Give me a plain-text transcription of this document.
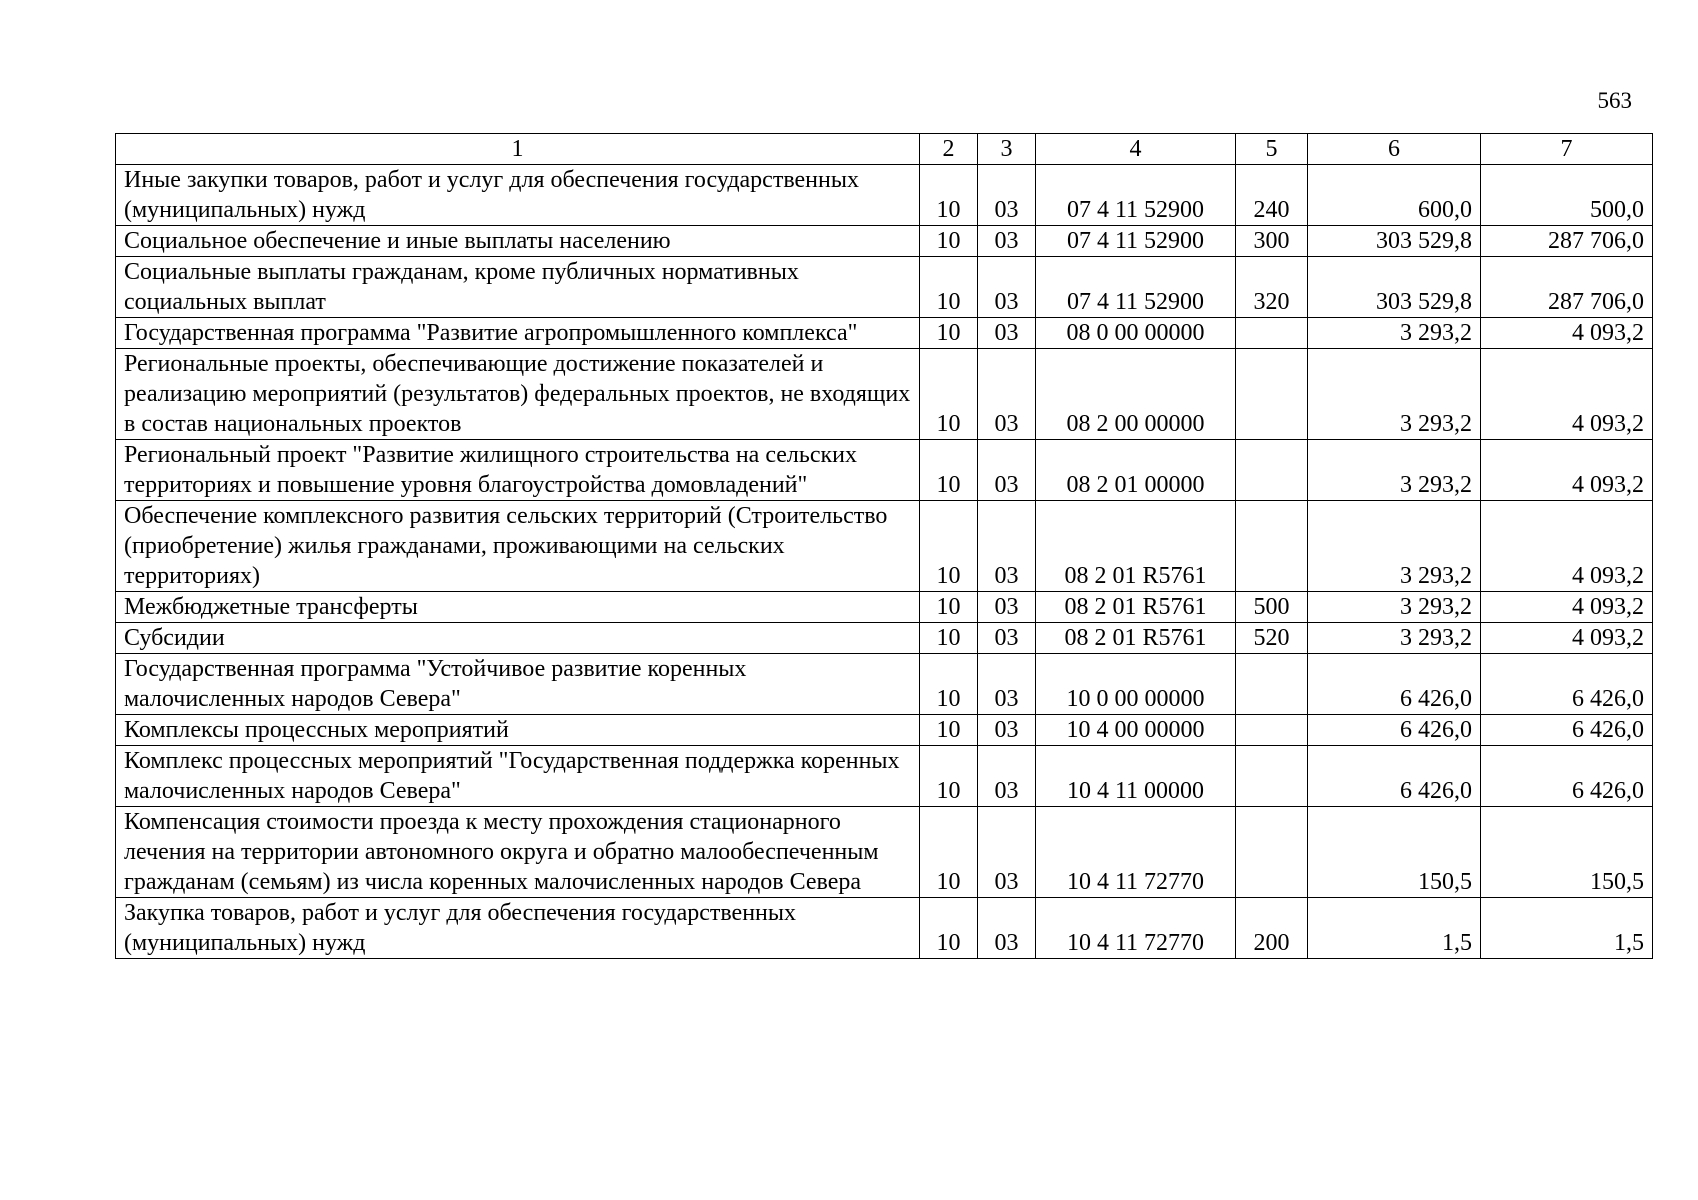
563
1	2	3	4	5	6	7
Иные закупки товаров, работ и услуг для обеспечения государственных (муниципальных) нужд	10	03	07 4 11 52900	240	600,0	500,0
Социальное обеспечение и иные выплаты населению	10	03	07 4 11 52900	300	303 529,8	287 706,0
Социальные выплаты гражданам, кроме публичных нормативных социальных выплат	10	03	07 4 11 52900	320	303 529,8	287 706,0
Государственная программа "Развитие агропромышленного комплекса"	10	03	08 0 00 00000		3 293,2	4 093,2
Региональные проекты, обеспечивающие достижение показателей и реализацию мероприятий (результатов) федеральных проектов, не входящих в состав национальных проектов	10	03	08 2 00 00000		3 293,2	4 093,2
Региональный проект "Развитие жилищного строительства на сельских территориях и повышение уровня благоустройства домовладений"	10	03	08 2 01 00000		3 293,2	4 093,2
Обеспечение комплексного развития сельских территорий (Строительство (приобретение) жилья гражданами, проживающими на сельских территориях)	10	03	08 2 01 R5761		3 293,2	4 093,2
Межбюджетные трансферты	10	03	08 2 01 R5761	500	3 293,2	4 093,2
Субсидии	10	03	08 2 01 R5761	520	3 293,2	4 093,2
Государственная программа "Устойчивое развитие коренных малочисленных народов Севера"	10	03	10 0 00 00000		6 426,0	6 426,0
Комплексы процессных мероприятий	10	03	10 4 00 00000		6 426,0	6 426,0
Комплекс процессных мероприятий "Государственная поддержка коренных малочисленных народов Севера"	10	03	10 4 11 00000		6 426,0	6 426,0
Компенсация стоимости проезда к месту прохождения стационарного лечения на территории автономного округа и обратно малообеспеченным гражданам (семьям) из числа коренных малочисленных народов Севера	10	03	10 4 11 72770		150,5	150,5
Закупка товаров, работ и услуг для обеспечения государственных (муниципальных) нужд	10	03	10 4 11 72770	200	1,5	1,5
